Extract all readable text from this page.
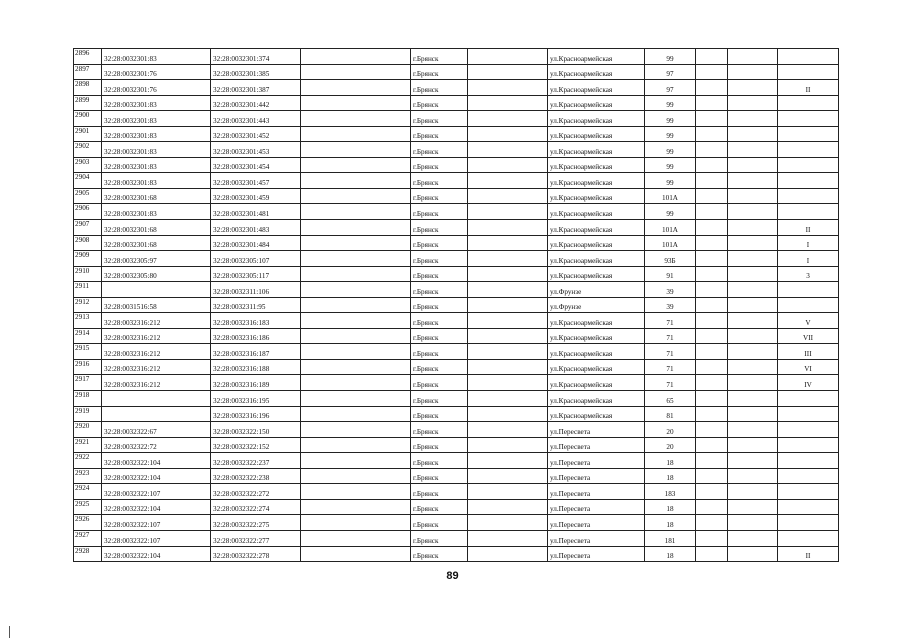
2896	32:28:0032301:83	32:28:0032301:374		г.Брянск		ул.Красноармейская	99			
2897	32:28:0032301:76	32:28:0032301:385		г.Брянск		ул.Красноармейская	97			
2898	32:28:0032301:76	32:28:0032301:387		г.Брянск		ул.Красноармейская	97			II
2899	32:28:0032301:83	32:28:0032301:442		г.Брянск		ул.Красноармейская	99			
2900	32:28:0032301:83	32:28:0032301:443		г.Брянск		ул.Красноармейская	99			
2901	32:28:0032301:83	32:28:0032301:452		г.Брянск		ул.Красноармейская	99			
2902	32:28:0032301:83	32:28:0032301:453		г.Брянск		ул.Красноармейская	99			
2903	32:28:0032301:83	32:28:0032301:454		г.Брянск		ул.Красноармейская	99			
2904	32:28:0032301:83	32:28:0032301:457		г.Брянск		ул.Красноармейская	99			
2905	32:28:0032301:68	32:28:0032301:459		г.Брянск		ул.Красноармейская	101А			
2906	32:28:0032301:83	32:28:0032301:481		г.Брянск		ул.Красноармейская	99			
2907	32:28:0032301:68	32:28:0032301:483		г.Брянск		ул.Красноармейская	101А			II
2908	32:28:0032301:68	32:28:0032301:484		г.Брянск		ул.Красноармейская	101А			I
2909	32:28:0032305:97	32:28:0032305:107		г.Брянск		ул.Красноармейская	93Б			I
2910	32:28:0032305:80	32:28:0032305:117		г.Брянск		ул.Красноармейская	91			3
2911		32:28:0032311:106		г.Брянск		ул.Фрунзе	39			
2912	32:28:0031516:58	32:28:0032311:95		г.Брянск		ул.Фрунзе	39			
2913	32:28:0032316:212	32:28:0032316:183		г.Брянск		ул.Красноармейская	71			V
2914	32:28:0032316:212	32:28:0032316:186		г.Брянск		ул.Красноармейская	71			VII
2915	32:28:0032316:212	32:28:0032316:187		г.Брянск		ул.Красноармейская	71			III
2916	32:28:0032316:212	32:28:0032316:188		г.Брянск		ул.Красноармейская	71			VI
2917	32:28:0032316:212	32:28:0032316:189		г.Брянск		ул.Красноармейская	71			IV
2918		32:28:0032316:195		г.Брянск		ул.Красноармейская	65			
2919		32:28:0032316:196		г.Брянск		ул.Красноармейская	81			
2920	32:28:0032322:67	32:28:0032322:150		г.Брянск		ул.Пересвета	20			
2921	32:28:0032322:72	32:28:0032322:152		г.Брянск		ул.Пересвета	20			
2922	32:28:0032322:104	32:28:0032322:237		г.Брянск		ул.Пересвета	18			
2923	32:28:0032322:104	32:28:0032322:238		г.Брянск		ул.Пересвета	18			
2924	32:28:0032322:107	32:28:0032322:272		г.Брянск		ул.Пересвета	183			
2925	32:28:0032322:104	32:28:0032322:274		г.Брянск		ул.Пересвета	18			
2926	32:28:0032322:107	32:28:0032322:275		г.Брянск		ул.Пересвета	18			
2927	32:28:0032322:107	32:28:0032322:277		г.Брянск		ул.Пересвета	181			
2928	32:28:0032322:104	32:28:0032322:278		г.Брянск		ул.Пересвета	18			II
89
